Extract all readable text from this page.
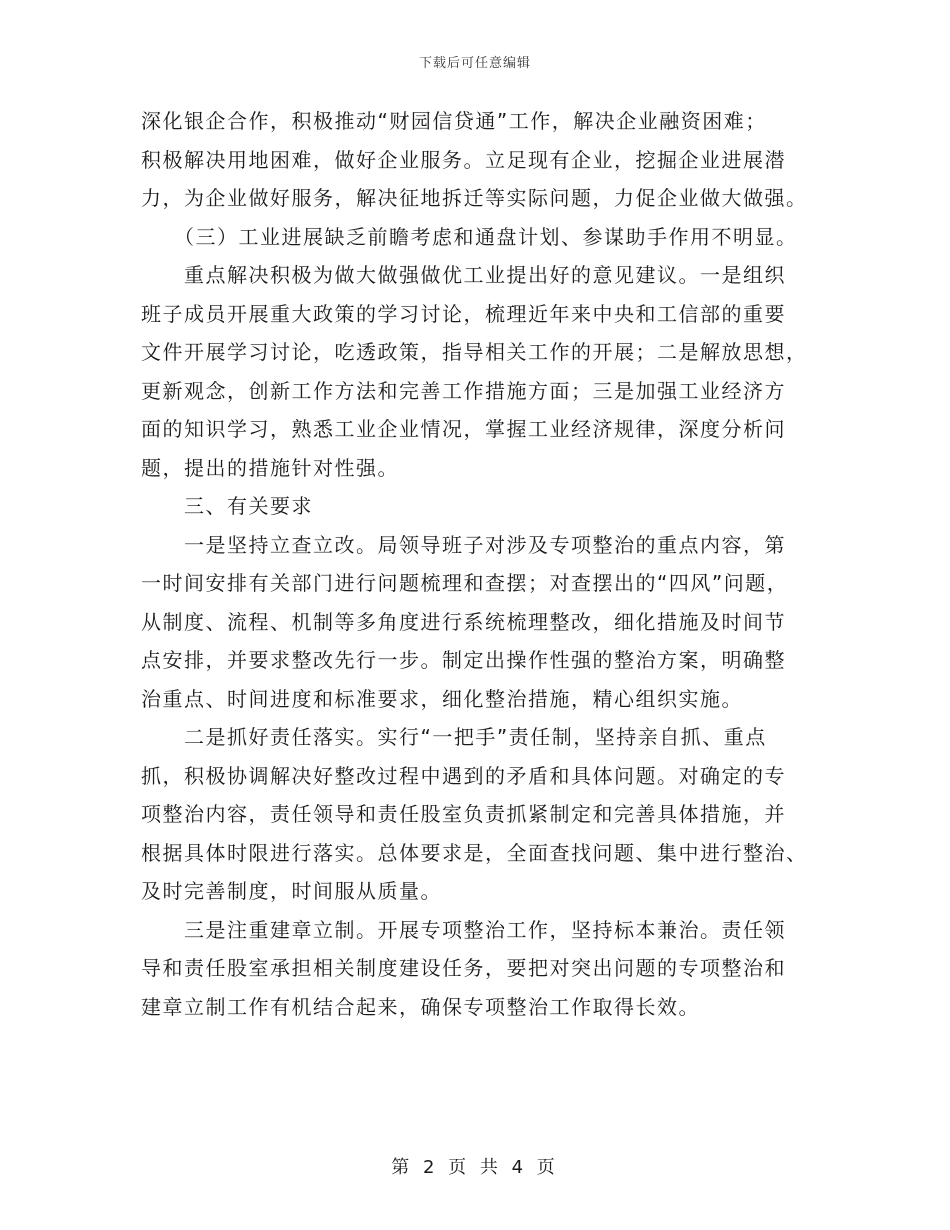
下载后可任意编辑
深化银企合作，积极推动“财园信贷通”工作，解决企业融资困难；
积极解决用地困难，做好企业服务。立足现有企业，挖掘企业进展潜
力，为企业做好服务，解决征地拆迁等实际问题，力促企业做大做强。
　　（三）工业进展缺乏前瞻考虑和通盘计划、参谋助手作用不明显。
　　重点解决积极为做大做强做优工业提出好的意见建议。一是组织
班子成员开展重大政策的学习讨论，梳理近年来中央和工信部的重要
文件开展学习讨论，吃透政策，指导相关工作的开展；二是解放思想，
更新观念，创新工作方法和完善工作措施方面；三是加强工业经济方
面的知识学习，熟悉工业企业情况，掌握工业经济规律，深度分析问
题，提出的措施针对性强。
　　三、有关要求
　　一是坚持立查立改。局领导班子对涉及专项整治的重点内容，第
一时间安排有关部门进行问题梳理和查摆；对查摆出的“四风”问题，
从制度、流程、机制等多角度进行系统梳理整改，细化措施及时间节
点安排，并要求整改先行一步。制定出操作性强的整治方案，明确整
治重点、时间进度和标准要求，细化整治措施，精心组织实施。
　　二是抓好责任落实。实行“一把手”责任制，坚持亲自抓、重点
抓，积极协调解决好整改过程中遇到的矛盾和具体问题。对确定的专
项整治内容，责任领导和责任股室负责抓紧制定和完善具体措施，并
根据具体时限进行落实。总体要求是，全面查找问题、集中进行整治、
及时完善制度，时间服从质量。
　　三是注重建章立制。开展专项整治工作，坚持标本兼治。责任领
导和责任股室承担相关制度建设任务，要把对突出问题的专项整治和
建章立制工作有机结合起来，确保专项整治工作取得长效。
第 2 页 共 4 页
